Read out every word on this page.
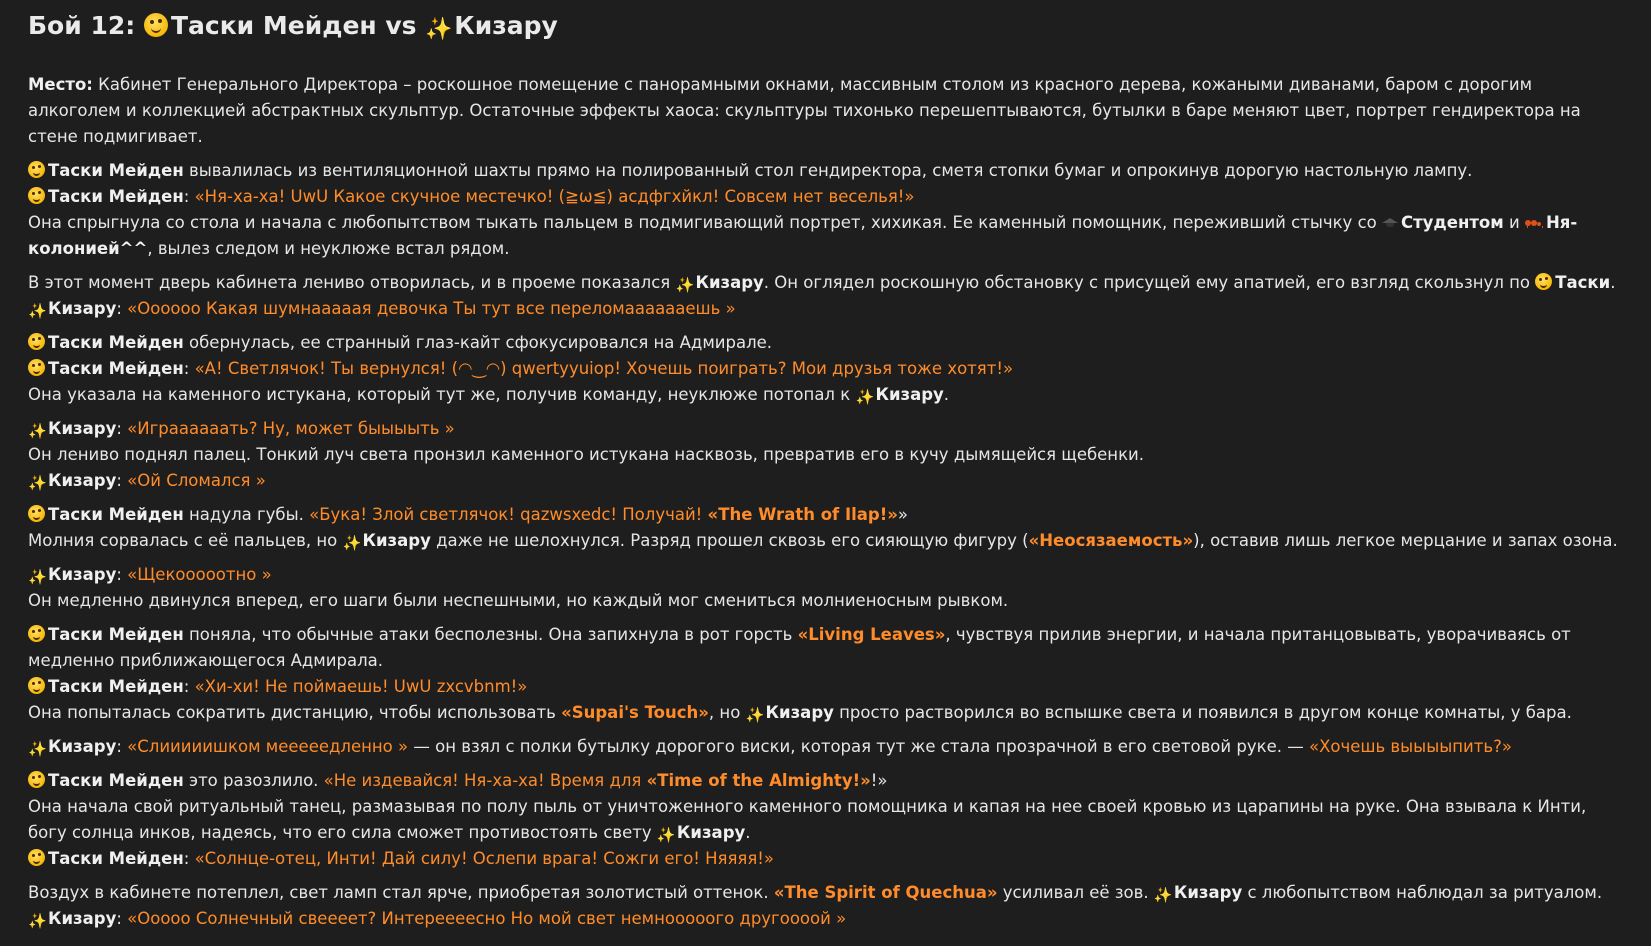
Бой 12: Таски Мейден vs ✨Кизару

Место: Кабинет Генерального Директора – роскошное помещение с панорамными окнами, массивным столом из красного дерева, кожаными диванами, баром с дорогим алкоголем и коллекцией абстрактных скульптур. Остаточные эффекты хаоса: скульптуры тихонько перешептываются, бутылки в баре меняют цвет, портрет гендиректора на стене подмигивает.

Таски Мейден вывалилась из вентиляционной шахты прямо на полированный стол гендиректора, сметя стопки бумаг и опрокинув дорогую настольную лампу.

Таски Мейден: «Ня-ха-ха! UwU Какое скучное местечко! (≧ω≦) асдфгхйкл! Совсем нет веселья!»

Она спрыгнула со стола и начала с любопытством тыкать пальцем в подмигивающий портрет, хихикая. Ее каменный помощник, переживший стычку со Студентом и Ня-колонией^^, вылез следом и неуклюже встал рядом.

В этот момент дверь кабинета лениво отворилась, и в проеме показался ✨Кизару. Он оглядел роскошную обстановку с присущей ему апатией, его взгляд скользнул по Таски.

✨Кизару: «Оооооо Какая шумнааааая девочка Ты тут все переломааааааешь »

Таски Мейден обернулась, ее странный глаз-кайт сфокусировался на Адмирале.

Таски Мейден: «А! Светлячок! Ты вернулся! (◠‿◠) qwertyyuiop! Хочешь поиграть? Мои друзья тоже хотят!»

Она указала на каменного истукана, который тут же, получив команду, неуклюже потопал к ✨Кизару.

✨Кизару: «Играааааать? Ну, может быыыыть »

Он лениво поднял палец. Тонкий луч света пронзил каменного истукана насквозь, превратив его в кучу дымящейся щебенки.

✨Кизару: «Ой Сломался »

Таски Мейден надула губы. «Бука! Злой светлячок! qazwsxedc! Получай! «The Wrath of Ilap!»»

Молния сорвалась с её пальцев, но ✨Кизару даже не шелохнулся. Разряд прошел сквозь его сияющую фигуру («Неосязаемость»), оставив лишь легкое мерцание и запах озона.

✨Кизару: «Щекооооотно »

Он медленно двинулся вперед, его шаги были неспешными, но каждый мог смениться молниеносным рывком.

Таски Мейден поняла, что обычные атаки бесполезны. Она запихнула в рот горсть «Living Leaves», чувствуя прилив энергии, и начала пританцовывать, уворачиваясь от медленно приближающегося Адмирала.

Таски Мейден: «Хи-хи! Не поймаешь! UwU zxcvbnm!»

Она попыталась сократить дистанцию, чтобы использовать «Supai's Touch», но ✨Кизару просто растворился во вспышке света и появился в другом конце комнаты, у бара.

✨Кизару: «Слииииишком мееееедленно » — он взял с полки бутылку дорогого виски, которая тут же стала прозрачной в его световой руке. — «Хочешь выыыыпить?»

Таски Мейден это разозлило. «Не издевайся! Ня-ха-ха! Время для «Time of the Almighty!»!»

Она начала свой ритуальный танец, размазывая по полу пыль от уничтоженного каменного помощника и капая на нее своей кровью из царапины на руке. Она взывала к Инти, богу солнца инков, надеясь, что его сила сможет противостоять свету ✨Кизару.

Таски Мейден: «Солнце-отец, Инти! Дай силу! Ослепи врага! Сожги его! Няяяя!»

Воздух в кабинете потеплел, свет ламп стал ярче, приобретая золотистый оттенок. «The Spirit of Quechua» усиливал её зов. ✨Кизару с любопытством наблюдал за ритуалом.

✨Кизару: «Ооооо Солнечный свеееет? Интереееесно Но мой свет немнооооого другоооой »
